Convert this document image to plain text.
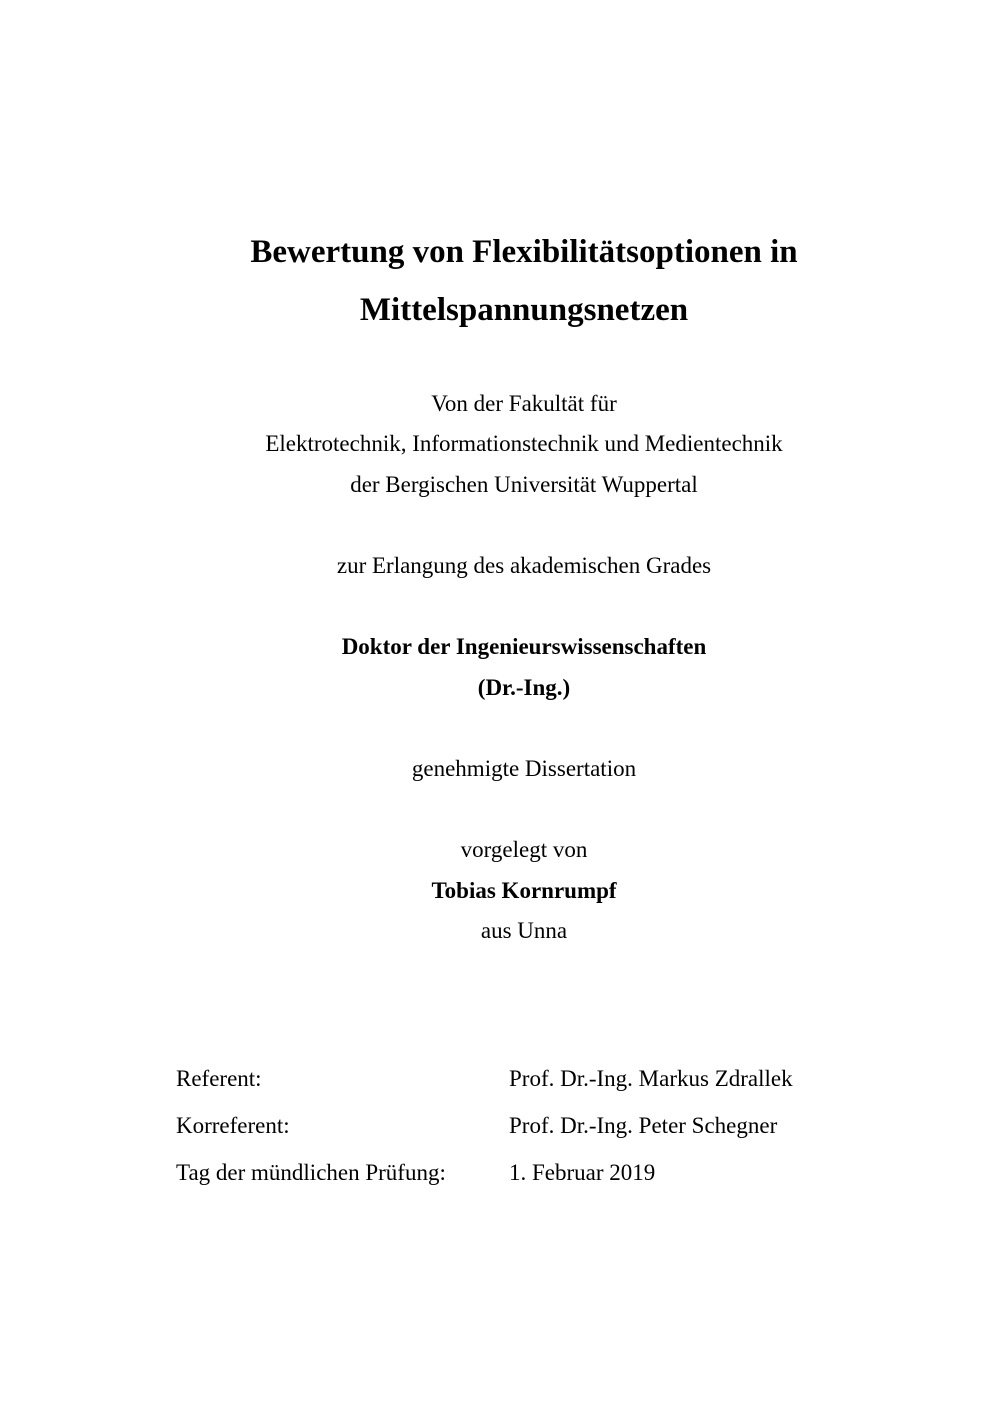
Bewertung von Flexibilitätsoptionen in
Mittelspannungsnetzen
Von der Fakultät für
Elektrotechnik, Informationstechnik und Medientechnik
der Bergischen Universität Wuppertal
zur Erlangung des akademischen Grades
Doktor der Ingenieurswissenschaften
(Dr.-Ing.)
genehmigte Dissertation
vorgelegt von
Tobias Kornrumpf
aus Unna
Referent:	Prof. Dr.-Ing. Markus Zdrallek
Korreferent:	Prof. Dr.-Ing. Peter Schegner
Tag der mündlichen Prüfung:	1. Februar 2019
